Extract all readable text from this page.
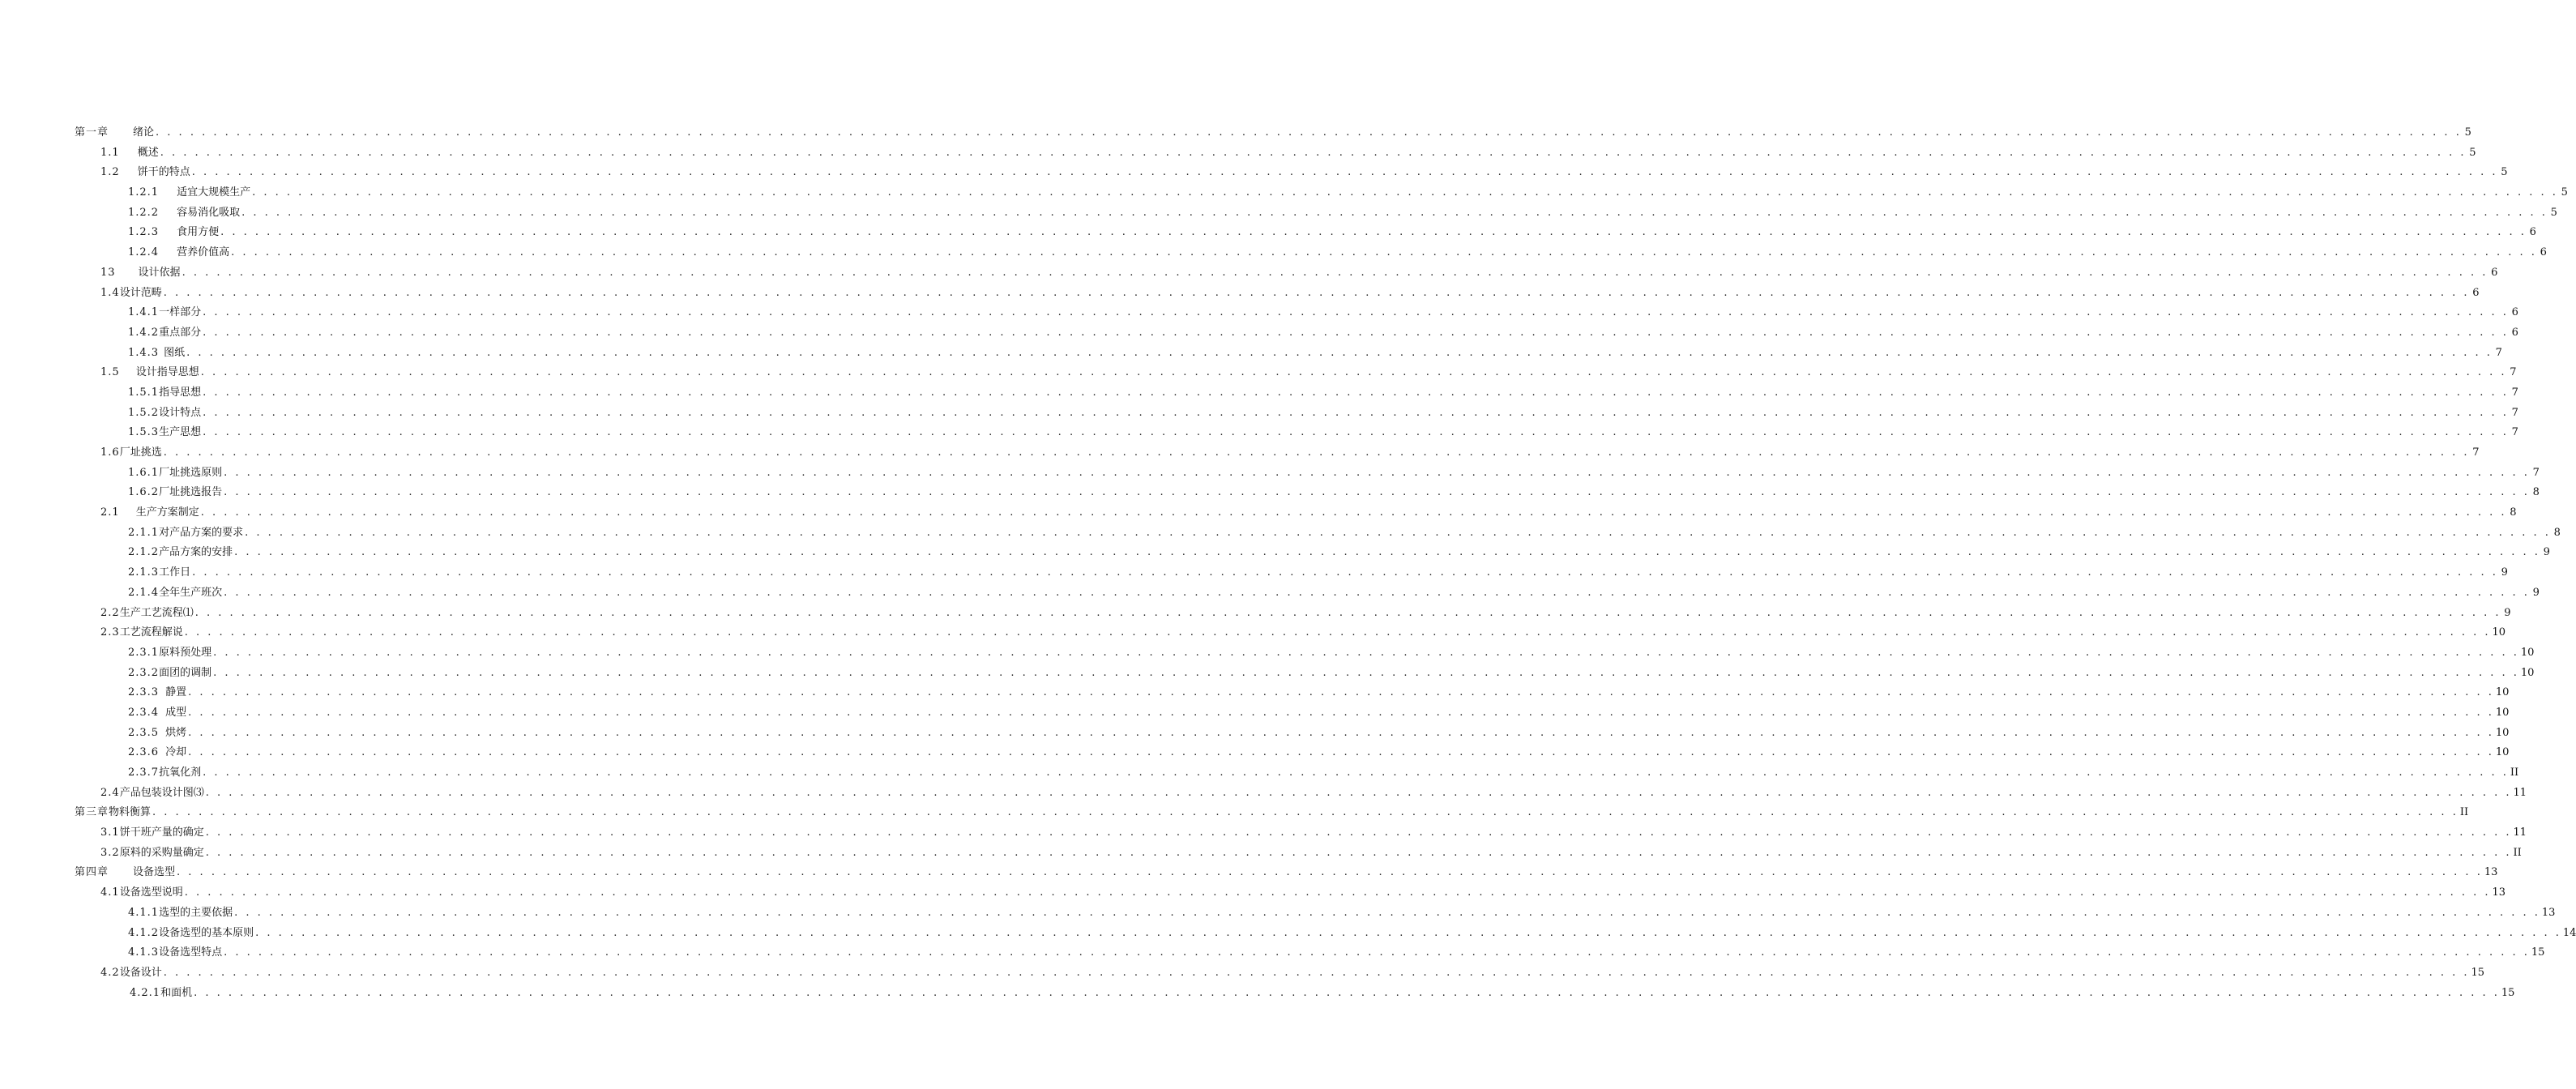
第一章 绪论 . . . . . . . . . . . . . . . . . . . . . . . . . . . . . . . . . . . . . . . . . . . . . . . . . . . . . . . . . . . . . . . . . . . . . . . . . . . . . . . . . . . . . . . . . . . . . . . . . . . . . . . . . . . . . . . . . . . . . . . . . . . . . . . . . . . . . . . . . . . . . . . . . . . . . . . . . . . . . . . . . . . . . . . . . . . . . . . . . . . . . . . . . . . . . . . . . . . . . . . . 5
1.1 概述 . . . . . . . . . . . . . . . . . . . . . . . . . . . . . . . . . . . . . . . . . . . . . . . . . . . . . . . . . . . . . . . . . . . . . . . . . . . . . . . . . . . . . . . . . . . . . . . . . . . . . . . . . . . . . . . . . . . . . . . . . . . . . . . . . . . . . . . . . . . . . . . . . . . . . . . . . . . . . . . . . . . . . . . . . . . . . . . . . . . . . . . . . . . . . . . . . . . . . . . . 5
1.2 饼干的特点 . . . . . . . . . . . . . . . . . . . . . . . . . . . . . . . . . . . . . . . . . . . . . . . . . . . . . . . . . . . . . . . . . . . . . . . . . . . . . . . . . . . . . . . . . . . . . . . . . . . . . . . . . . . . . . . . . . . . . . . . . . . . . . . . . . . . . . . . . . . . . . . . . . . . . . . . . . . . . . . . . . . . . . . . . . . . . . . . . . . . . . . . . . . . . . . . . . . . . . . . 5
1.2.1 适宜大规模生产 . . . . . . . . . . . . . . . . . . . . . . . . . . . . . . . . . . . . . . . . . . . . . . . . . . . . . . . . . . . . . . . . . . . . . . . . . . . . . . . . . . . . . . . . . . . . . . . . . . . . . . . . . . . . . . . . . . . . . . . . . . . . . . . . . . . . . . . . . . . . . . . . . . . . . . . . . . . . . . . . . . . . . . . . . . . . . . . . . . . . . . . . . . . . . . . . . . . . . . . . 5
1.2.2 容易消化吸取 . . . . . . . . . . . . . . . . . . . . . . . . . . . . . . . . . . . . . . . . . . . . . . . . . . . . . . . . . . . . . . . . . . . . . . . . . . . . . . . . . . . . . . . . . . . . . . . . . . . . . . . . . . . . . . . . . . . . . . . . . . . . . . . . . . . . . . . . . . . . . . . . . . . . . . . . . . . . . . . . . . . . . . . . . . . . . . . . . . . . . . . . . . . . . . . . . . . . . . . . 5
1.2.3 食用方便 . . . . . . . . . . . . . . . . . . . . . . . . . . . . . . . . . . . . . . . . . . . . . . . . . . . . . . . . . . . . . . . . . . . . . . . . . . . . . . . . . . . . . . . . . . . . . . . . . . . . . . . . . . . . . . . . . . . . . . . . . . . . . . . . . . . . . . . . . . . . . . . . . . . . . . . . . . . . . . . . . . . . . . . . . . . . . . . . . . . . . . . . . . . . . . . . . . . . . . . . 6
1.2.4 营养价值高 . . . . . . . . . . . . . . . . . . . . . . . . . . . . . . . . . . . . . . . . . . . . . . . . . . . . . . . . . . . . . . . . . . . . . . . . . . . . . . . . . . . . . . . . . . . . . . . . . . . . . . . . . . . . . . . . . . . . . . . . . . . . . . . . . . . . . . . . . . . . . . . . . . . . . . . . . . . . . . . . . . . . . . . . . . . . . . . . . . . . . . . . . . . . . . . . . . . . . . . . 6
13 设计依据 . . . . . . . . . . . . . . . . . . . . . . . . . . . . . . . . . . . . . . . . . . . . . . . . . . . . . . . . . . . . . . . . . . . . . . . . . . . . . . . . . . . . . . . . . . . . . . . . . . . . . . . . . . . . . . . . . . . . . . . . . . . . . . . . . . . . . . . . . . . . . . . . . . . . . . . . . . . . . . . . . . . . . . . . . . . . . . . . . . . . . . . . . . . . . . . . . . . . . . . . 6
1.4 设计范畴 . . . . . . . . . . . . . . . . . . . . . . . . . . . . . . . . . . . . . . . . . . . . . . . . . . . . . . . . . . . . . . . . . . . . . . . . . . . . . . . . . . . . . . . . . . . . . . . . . . . . . . . . . . . . . . . . . . . . . . . . . . . . . . . . . . . . . . . . . . . . . . . . . . . . . . . . . . . . . . . . . . . . . . . . . . . . . . . . . . . . . . . . . . . . . . . . . . . . . . . . 6
1.4.1 一样部分 . . . . . . . . . . . . . . . . . . . . . . . . . . . . . . . . . . . . . . . . . . . . . . . . . . . . . . . . . . . . . . . . . . . . . . . . . . . . . . . . . . . . . . . . . . . . . . . . . . . . . . . . . . . . . . . . . . . . . . . . . . . . . . . . . . . . . . . . . . . . . . . . . . . . . . . . . . . . . . . . . . . . . . . . . . . . . . . . . . . . . . . . . . . . . . . . . . . . . . . . 6
1.4.2 重点部分 . . . . . . . . . . . . . . . . . . . . . . . . . . . . . . . . . . . . . . . . . . . . . . . . . . . . . . . . . . . . . . . . . . . . . . . . . . . . . . . . . . . . . . . . . . . . . . . . . . . . . . . . . . . . . . . . . . . . . . . . . . . . . . . . . . . . . . . . . . . . . . . . . . . . . . . . . . . . . . . . . . . . . . . . . . . . . . . . . . . . . . . . . . . . . . . . . . . . . . . . 6
1.4.3 图纸 . . . . . . . . . . . . . . . . . . . . . . . . . . . . . . . . . . . . . . . . . . . . . . . . . . . . . . . . . . . . . . . . . . . . . . . . . . . . . . . . . . . . . . . . . . . . . . . . . . . . . . . . . . . . . . . . . . . . . . . . . . . . . . . . . . . . . . . . . . . . . . . . . . . . . . . . . . . . . . . . . . . . . . . . . . . . . . . . . . . . . . . . . . . . . . . . . . . . . . . . 7
1.5 设计指导思想 . . . . . . . . . . . . . . . . . . . . . . . . . . . . . . . . . . . . . . . . . . . . . . . . . . . . . . . . . . . . . . . . . . . . . . . . . . . . . . . . . . . . . . . . . . . . . . . . . . . . . . . . . . . . . . . . . . . . . . . . . . . . . . . . . . . . . . . . . . . . . . . . . . . . . . . . . . . . . . . . . . . . . . . . . . . . . . . . . . . . . . . . . . . . . . . . . . . . . . . . 7
1.5.1 指导思想 . . . . . . . . . . . . . . . . . . . . . . . . . . . . . . . . . . . . . . . . . . . . . . . . . . . . . . . . . . . . . . . . . . . . . . . . . . . . . . . . . . . . . . . . . . . . . . . . . . . . . . . . . . . . . . . . . . . . . . . . . . . . . . . . . . . . . . . . . . . . . . . . . . . . . . . . . . . . . . . . . . . . . . . . . . . . . . . . . . . . . . . . . . . . . . . . . . . . . . . . 7
1.5.2 设计特点 . . . . . . . . . . . . . . . . . . . . . . . . . . . . . . . . . . . . . . . . . . . . . . . . . . . . . . . . . . . . . . . . . . . . . . . . . . . . . . . . . . . . . . . . . . . . . . . . . . . . . . . . . . . . . . . . . . . . . . . . . . . . . . . . . . . . . . . . . . . . . . . . . . . . . . . . . . . . . . . . . . . . . . . . . . . . . . . . . . . . . . . . . . . . . . . . . . . . . . . . 7
1.5.3 生产思想 . . . . . . . . . . . . . . . . . . . . . . . . . . . . . . . . . . . . . . . . . . . . . . . . . . . . . . . . . . . . . . . . . . . . . . . . . . . . . . . . . . . . . . . . . . . . . . . . . . . . . . . . . . . . . . . . . . . . . . . . . . . . . . . . . . . . . . . . . . . . . . . . . . . . . . . . . . . . . . . . . . . . . . . . . . . . . . . . . . . . . . . . . . . . . . . . . . . . . . . . 7
1.6 厂址挑选 . . . . . . . . . . . . . . . . . . . . . . . . . . . . . . . . . . . . . . . . . . . . . . . . . . . . . . . . . . . . . . . . . . . . . . . . . . . . . . . . . . . . . . . . . . . . . . . . . . . . . . . . . . . . . . . . . . . . . . . . . . . . . . . . . . . . . . . . . . . . . . . . . . . . . . . . . . . . . . . . . . . . . . . . . . . . . . . . . . . . . . . . . . . . . . . . . . . . . . . . 7
1.6.1 厂址挑选原则 . . . . . . . . . . . . . . . . . . . . . . . . . . . . . . . . . . . . . . . . . . . . . . . . . . . . . . . . . . . . . . . . . . . . . . . . . . . . . . . . . . . . . . . . . . . . . . . . . . . . . . . . . . . . . . . . . . . . . . . . . . . . . . . . . . . . . . . . . . . . . . . . . . . . . . . . . . . . . . . . . . . . . . . . . . . . . . . . . . . . . . . . . . . . . . . . . . . . . . . . 7
1.6.2 厂址挑选报告 . . . . . . . . . . . . . . . . . . . . . . . . . . . . . . . . . . . . . . . . . . . . . . . . . . . . . . . . . . . . . . . . . . . . . . . . . . . . . . . . . . . . . . . . . . . . . . . . . . . . . . . . . . . . . . . . . . . . . . . . . . . . . . . . . . . . . . . . . . . . . . . . . . . . . . . . . . . . . . . . . . . . . . . . . . . . . . . . . . . . . . . . . . . . . . . . . . . . . . . . 8
2.1 生产方案制定 . . . . . . . . . . . . . . . . . . . . . . . . . . . . . . . . . . . . . . . . . . . . . . . . . . . . . . . . . . . . . . . . . . . . . . . . . . . . . . . . . . . . . . . . . . . . . . . . . . . . . . . . . . . . . . . . . . . . . . . . . . . . . . . . . . . . . . . . . . . . . . . . . . . . . . . . . . . . . . . . . . . . . . . . . . . . . . . . . . . . . . . . . . . . . . . . . . . . . . . . 8
2.1.1 对产品方案的要求 . . . . . . . . . . . . . . . . . . . . . . . . . . . . . . . . . . . . . . . . . . . . . . . . . . . . . . . . . . . . . . . . . . . . . . . . . . . . . . . . . . . . . . . . . . . . . . . . . . . . . . . . . . . . . . . . . . . . . . . . . . . . . . . . . . . . . . . . . . . . . . . . . . . . . . . . . . . . . . . . . . . . . . . . . . . . . . . . . . . . . . . . . . . . . . . . . . . . . . . . 8
2.1.2 产品方案的安排 . . . . . . . . . . . . . . . . . . . . . . . . . . . . . . . . . . . . . . . . . . . . . . . . . . . . . . . . . . . . . . . . . . . . . . . . . . . . . . . . . . . . . . . . . . . . . . . . . . . . . . . . . . . . . . . . . . . . . . . . . . . . . . . . . . . . . . . . . . . . . . . . . . . . . . . . . . . . . . . . . . . . . . . . . . . . . . . . . . . . . . . . . . . . . . . . . . . . . . . . 9
2.1.3 工作日 . . . . . . . . . . . . . . . . . . . . . . . . . . . . . . . . . . . . . . . . . . . . . . . . . . . . . . . . . . . . . . . . . . . . . . . . . . . . . . . . . . . . . . . . . . . . . . . . . . . . . . . . . . . . . . . . . . . . . . . . . . . . . . . . . . . . . . . . . . . . . . . . . . . . . . . . . . . . . . . . . . . . . . . . . . . . . . . . . . . . . . . . . . . . . . . . . . . . . . . . 9
2.1.4 全年生产班次 . . . . . . . . . . . . . . . . . . . . . . . . . . . . . . . . . . . . . . . . . . . . . . . . . . . . . . . . . . . . . . . . . . . . . . . . . . . . . . . . . . . . . . . . . . . . . . . . . . . . . . . . . . . . . . . . . . . . . . . . . . . . . . . . . . . . . . . . . . . . . . . . . . . . . . . . . . . . . . . . . . . . . . . . . . . . . . . . . . . . . . . . . . . . . . . . . . . . . . . . 9
2.2 生产工艺流程⑴ . . . . . . . . . . . . . . . . . . . . . . . . . . . . . . . . . . . . . . . . . . . . . . . . . . . . . . . . . . . . . . . . . . . . . . . . . . . . . . . . . . . . . . . . . . . . . . . . . . . . . . . . . . . . . . . . . . . . . . . . . . . . . . . . . . . . . . . . . . . . . . . . . . . . . . . . . . . . . . . . . . . . . . . . . . . . . . . . . . . . . . . . . . . . . . . . . . . . . . . . 9
2.3 工艺流程解说 . . . . . . . . . . . . . . . . . . . . . . . . . . . . . . . . . . . . . . . . . . . . . . . . . . . . . . . . . . . . . . . . . . . . . . . . . . . . . . . . . . . . . . . . . . . . . . . . . . . . . . . . . . . . . . . . . . . . . . . . . . . . . . . . . . . . . . . . . . . . . . . . . . . . . . . . . . . . . . . . . . . . . . . . . . . . . . . . . . . . . . . . . . . . . . . . . . . . . . . . 10
2.3.1 原料预处理 . . . . . . . . . . . . . . . . . . . . . . . . . . . . . . . . . . . . . . . . . . . . . . . . . . . . . . . . . . . . . . . . . . . . . . . . . . . . . . . . . . . . . . . . . . . . . . . . . . . . . . . . . . . . . . . . . . . . . . . . . . . . . . . . . . . . . . . . . . . . . . . . . . . . . . . . . . . . . . . . . . . . . . . . . . . . . . . . . . . . . . . . . . . . . . . . . . . . . . . . 10
2.3.2 面团的调制 . . . . . . . . . . . . . . . . . . . . . . . . . . . . . . . . . . . . . . . . . . . . . . . . . . . . . . . . . . . . . . . . . . . . . . . . . . . . . . . . . . . . . . . . . . . . . . . . . . . . . . . . . . . . . . . . . . . . . . . . . . . . . . . . . . . . . . . . . . . . . . . . . . . . . . . . . . . . . . . . . . . . . . . . . . . . . . . . . . . . . . . . . . . . . . . . . . . . . . . . 10
2.3.3 静置 . . . . . . . . . . . . . . . . . . . . . . . . . . . . . . . . . . . . . . . . . . . . . . . . . . . . . . . . . . . . . . . . . . . . . . . . . . . . . . . . . . . . . . . . . . . . . . . . . . . . . . . . . . . . . . . . . . . . . . . . . . . . . . . . . . . . . . . . . . . . . . . . . . . . . . . . . . . . . . . . . . . . . . . . . . . . . . . . . . . . . . . . . . . . . . . . . . . . . . . . 10
2.3.4 成型 . . . . . . . . . . . . . . . . . . . . . . . . . . . . . . . . . . . . . . . . . . . . . . . . . . . . . . . . . . . . . . . . . . . . . . . . . . . . . . . . . . . . . . . . . . . . . . . . . . . . . . . . . . . . . . . . . . . . . . . . . . . . . . . . . . . . . . . . . . . . . . . . . . . . . . . . . . . . . . . . . . . . . . . . . . . . . . . . . . . . . . . . . . . . . . . . . . . . . . . . 10
2.3.5 烘烤 . . . . . . . . . . . . . . . . . . . . . . . . . . . . . . . . . . . . . . . . . . . . . . . . . . . . . . . . . . . . . . . . . . . . . . . . . . . . . . . . . . . . . . . . . . . . . . . . . . . . . . . . . . . . . . . . . . . . . . . . . . . . . . . . . . . . . . . . . . . . . . . . . . . . . . . . . . . . . . . . . . . . . . . . . . . . . . . . . . . . . . . . . . . . . . . . . . . . . . . . 10
2.3.6 冷却 . . . . . . . . . . . . . . . . . . . . . . . . . . . . . . . . . . . . . . . . . . . . . . . . . . . . . . . . . . . . . . . . . . . . . . . . . . . . . . . . . . . . . . . . . . . . . . . . . . . . . . . . . . . . . . . . . . . . . . . . . . . . . . . . . . . . . . . . . . . . . . . . . . . . . . . . . . . . . . . . . . . . . . . . . . . . . . . . . . . . . . . . . . . . . . . . . . . . . . . . 10
2.3.7 抗氧化剂 . . . . . . . . . . . . . . . . . . . . . . . . . . . . . . . . . . . . . . . . . . . . . . . . . . . . . . . . . . . . . . . . . . . . . . . . . . . . . . . . . . . . . . . . . . . . . . . . . . . . . . . . . . . . . . . . . . . . . . . . . . . . . . . . . . . . . . . . . . . . . . . . . . . . . . . . . . . . . . . . . . . . . . . . . . . . . . . . . . . . . . . . . . . . . . . . . . . . . . . . II
2.4 产品包装设计图⑶ . . . . . . . . . . . . . . . . . . . . . . . . . . . . . . . . . . . . . . . . . . . . . . . . . . . . . . . . . . . . . . . . . . . . . . . . . . . . . . . . . . . . . . . . . . . . . . . . . . . . . . . . . . . . . . . . . . . . . . . . . . . . . . . . . . . . . . . . . . . . . . . . . . . . . . . . . . . . . . . . . . . . . . . . . . . . . . . . . . . . . . . . . . . . . . . . . . . . . . . . 11
第三章 物料衡算 . . . . . . . . . . . . . . . . . . . . . . . . . . . . . . . . . . . . . . . . . . . . . . . . . . . . . . . . . . . . . . . . . . . . . . . . . . . . . . . . . . . . . . . . . . . . . . . . . . . . . . . . . . . . . . . . . . . . . . . . . . . . . . . . . . . . . . . . . . . . . . . . . . . . . . . . . . . . . . . . . . . . . . . . . . . . . . . . . . . . . . . . . . . . . . . . . . . . . . . . II
3.1 饼干班产量的确定 . . . . . . . . . . . . . . . . . . . . . . . . . . . . . . . . . . . . . . . . . . . . . . . . . . . . . . . . . . . . . . . . . . . . . . . . . . . . . . . . . . . . . . . . . . . . . . . . . . . . . . . . . . . . . . . . . . . . . . . . . . . . . . . . . . . . . . . . . . . . . . . . . . . . . . . . . . . . . . . . . . . . . . . . . . . . . . . . . . . . . . . . . . . . . . . . . . . . . . . . 11
3.2 原料的采购量确定 . . . . . . . . . . . . . . . . . . . . . . . . . . . . . . . . . . . . . . . . . . . . . . . . . . . . . . . . . . . . . . . . . . . . . . . . . . . . . . . . . . . . . . . . . . . . . . . . . . . . . . . . . . . . . . . . . . . . . . . . . . . . . . . . . . . . . . . . . . . . . . . . . . . . . . . . . . . . . . . . . . . . . . . . . . . . . . . . . . . . . . . . . . . . . . . . . . . . . . . . II
第四章 设备选型 . . . . . . . . . . . . . . . . . . . . . . . . . . . . . . . . . . . . . . . . . . . . . . . . . . . . . . . . . . . . . . . . . . . . . . . . . . . . . . . . . . . . . . . . . . . . . . . . . . . . . . . . . . . . . . . . . . . . . . . . . . . . . . . . . . . . . . . . . . . . . . . . . . . . . . . . . . . . . . . . . . . . . . . . . . . . . . . . . . . . . . . . . . . . . . . . . . . . . . . . 13
4.1 设备选型说明 . . . . . . . . . . . . . . . . . . . . . . . . . . . . . . . . . . . . . . . . . . . . . . . . . . . . . . . . . . . . . . . . . . . . . . . . . . . . . . . . . . . . . . . . . . . . . . . . . . . . . . . . . . . . . . . . . . . . . . . . . . . . . . . . . . . . . . . . . . . . . . . . . . . . . . . . . . . . . . . . . . . . . . . . . . . . . . . . . . . . . . . . . . . . . . . . . . . . . . . . 13
4.1.1 选型的主要依据 . . . . . . . . . . . . . . . . . . . . . . . . . . . . . . . . . . . . . . . . . . . . . . . . . . . . . . . . . . . . . . . . . . . . . . . . . . . . . . . . . . . . . . . . . . . . . . . . . . . . . . . . . . . . . . . . . . . . . . . . . . . . . . . . . . . . . . . . . . . . . . . . . . . . . . . . . . . . . . . . . . . . . . . . . . . . . . . . . . . . . . . . . . . . . . . . . . . . . . . . 13
4.1.2 设备选型的基本原则 . . . . . . . . . . . . . . . . . . . . . . . . . . . . . . . . . . . . . . . . . . . . . . . . . . . . . . . . . . . . . . . . . . . . . . . . . . . . . . . . . . . . . . . . . . . . . . . . . . . . . . . . . . . . . . . . . . . . . . . . . . . . . . . . . . . . . . . . . . . . . . . . . . . . . . . . . . . . . . . . . . . . . . . . . . . . . . . . . . . . . . . . . . . . . . . . . . . . . . . . 14
4.1.3 设备选型特点 . . . . . . . . . . . . . . . . . . . . . . . . . . . . . . . . . . . . . . . . . . . . . . . . . . . . . . . . . . . . . . . . . . . . . . . . . . . . . . . . . . . . . . . . . . . . . . . . . . . . . . . . . . . . . . . . . . . . . . . . . . . . . . . . . . . . . . . . . . . . . . . . . . . . . . . . . . . . . . . . . . . . . . . . . . . . . . . . . . . . . . . . . . . . . . . . . . . . . . . . 15
4.2 设备设计 . . . . . . . . . . . . . . . . . . . . . . . . . . . . . . . . . . . . . . . . . . . . . . . . . . . . . . . . . . . . . . . . . . . . . . . . . . . . . . . . . . . . . . . . . . . . . . . . . . . . . . . . . . . . . . . . . . . . . . . . . . . . . . . . . . . . . . . . . . . . . . . . . . . . . . . . . . . . . . . . . . . . . . . . . . . . . . . . . . . . . . . . . . . . . . . . . . . . . . . . 15
4.2.1 和面机 . . . . . . . . . . . . . . . . . . . . . . . . . . . . . . . . . . . . . . . . . . . . . . . . . . . . . . . . . . . . . . . . . . . . . . . . . . . . . . . . . . . . . . . . . . . . . . . . . . . . . . . . . . . . . . . . . . . . . . . . . . . . . . . . . . . . . . . . . . . . . . . . . . . . . . . . . . . . . . . . . . . . . . . . . . . . . . . . . . . . . . . . . . . . . . . . . . . . . . . . 15
